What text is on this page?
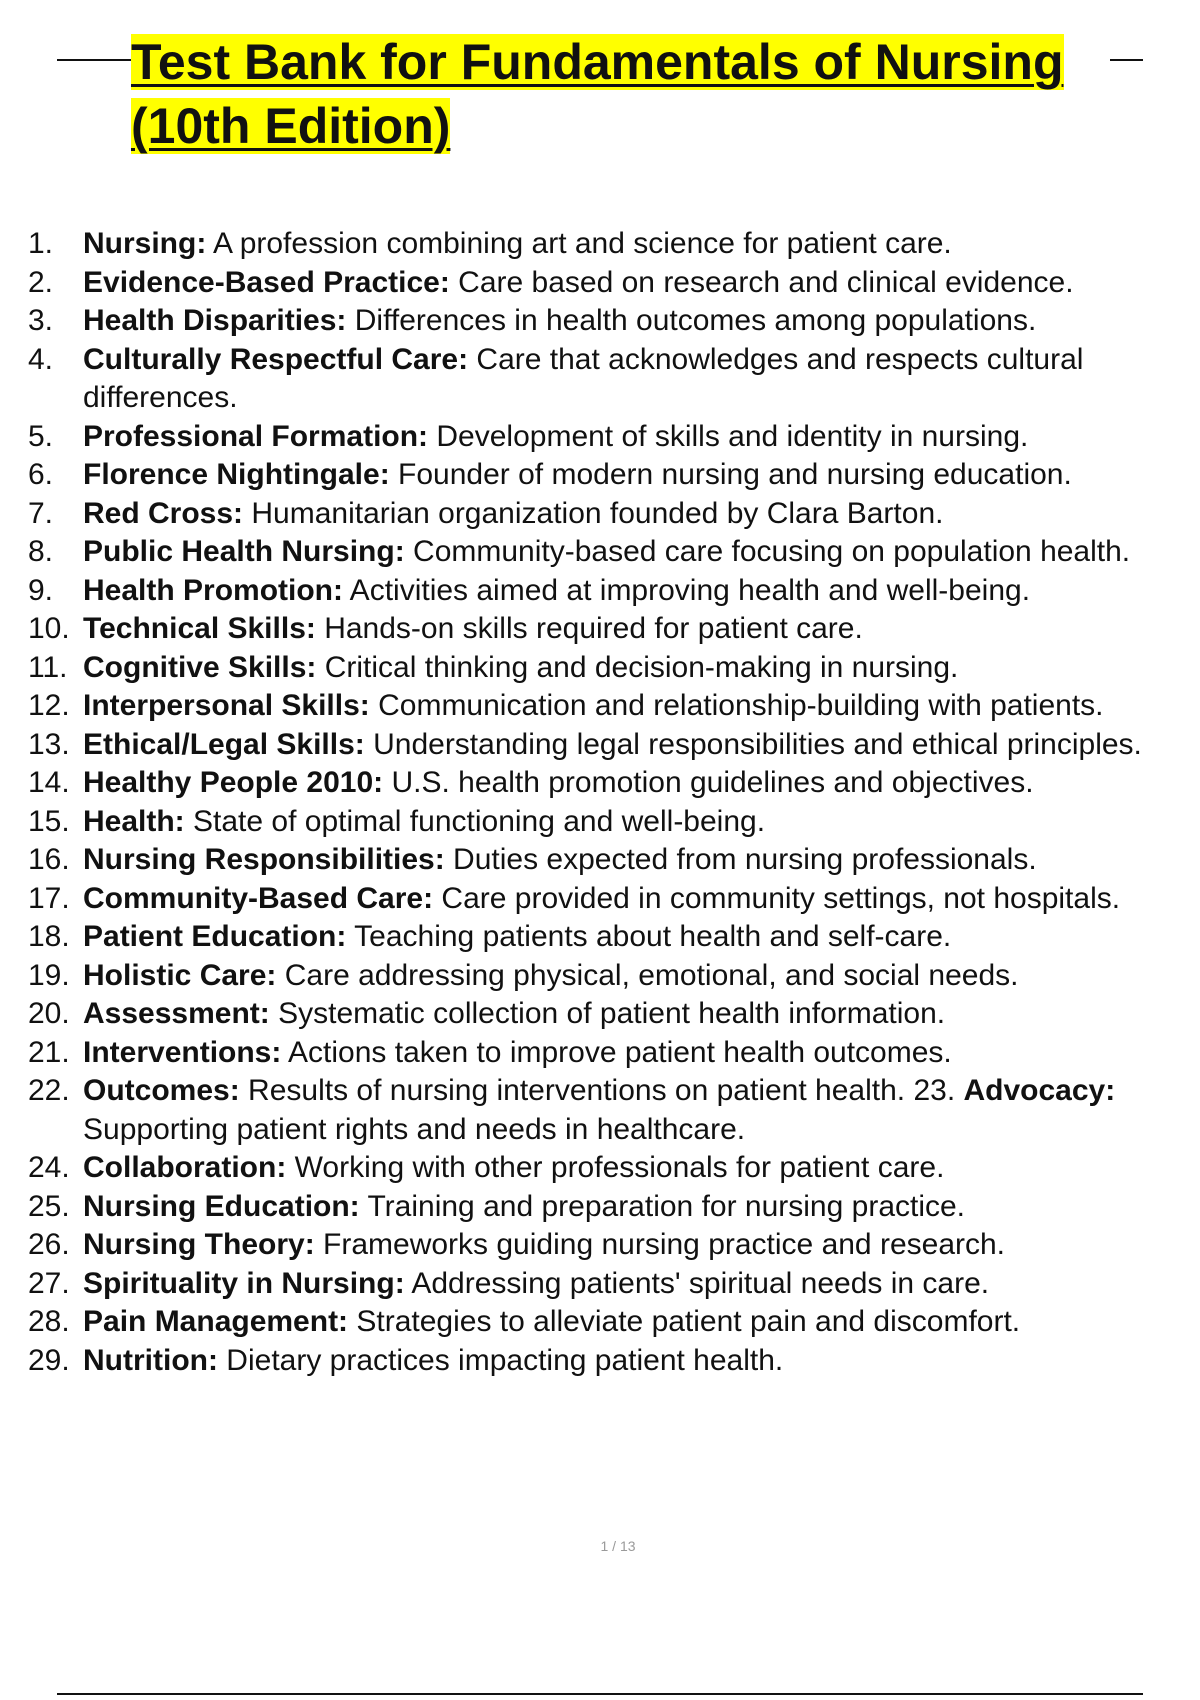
Test Bank for Fundamentals of Nursing
(10th Edition)
1. Nursing: A profession combining art and science for patient care.
2. Evidence-Based Practice: Care based on research and clinical evidence.
3. Health Disparities: Differences in health outcomes among populations.
4. Culturally Respectful Care: Care that acknowledges and respects cultural differences.
5. Professional Formation: Development of skills and identity in nursing.
6. Florence Nightingale: Founder of modern nursing and nursing education.
7. Red Cross: Humanitarian organization founded by Clara Barton.
8. Public Health Nursing: Community-based care focusing on population health.
9. Health Promotion: Activities aimed at improving health and well-being.
10. Technical Skills: Hands-on skills required for patient care.
11. Cognitive Skills: Critical thinking and decision-making in nursing.
12. Interpersonal Skills: Communication and relationship-building with patients.
13. Ethical/Legal Skills: Understanding legal responsibilities and ethical principles.
14. Healthy People 2010: U.S. health promotion guidelines and objectives.
15. Health: State of optimal functioning and well-being.
16. Nursing Responsibilities: Duties expected from nursing professionals.
17. Community-Based Care: Care provided in community settings, not hospitals.
18. Patient Education: Teaching patients about health and self-care.
19. Holistic Care: Care addressing physical, emotional, and social needs.
20. Assessment: Systematic collection of patient health information.
21. Interventions: Actions taken to improve patient health outcomes.
22. Outcomes: Results of nursing interventions on patient health. 23. Advocacy: Supporting patient rights and needs in healthcare.
24. Collaboration: Working with other professionals for patient care.
25. Nursing Education: Training and preparation for nursing practice.
26. Nursing Theory: Frameworks guiding nursing practice and research.
27. Spirituality in Nursing: Addressing patients' spiritual needs in care.
28. Pain Management: Strategies to alleviate patient pain and discomfort.
29. Nutrition: Dietary practices impacting patient health.
1 / 13
